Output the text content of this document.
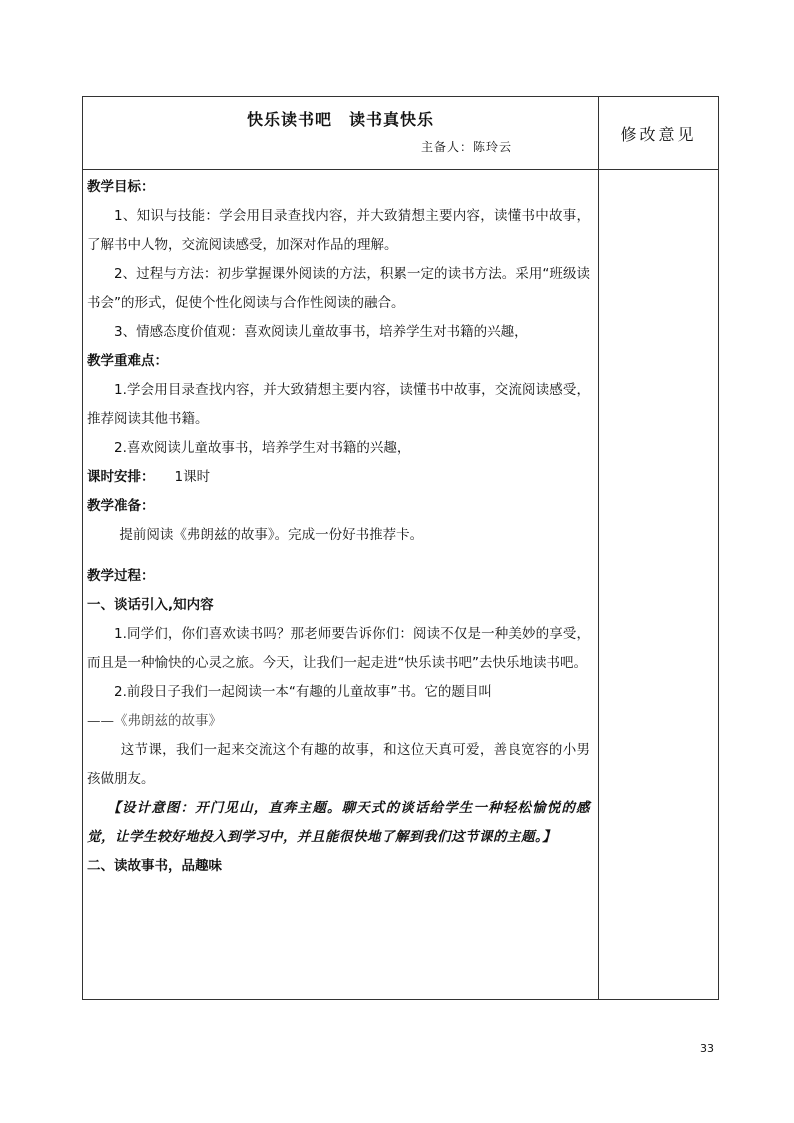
快乐读书吧　读书真快乐
主备人：陈玲云
修改意见

教学目标：

1、知识与技能：学会用目录查找内容，并大致猜想主要内容，读懂书中故事，了解书中人物，交流阅读感受，加深对作品的理解。

2、过程与方法：初步掌握课外阅读的方法，积累一定的读书方法。采用“班级读书会”的形式，促使个性化阅读与合作性阅读的融合。

3、情感态度价值观：喜欢阅读儿童故事书，培养学生对书籍的兴趣，

教学重难点：

1.学会用目录查找内容，并大致猜想主要内容，读懂书中故事，交流阅读感受，推荐阅读其他书籍。

2.喜欢阅读儿童故事书，培养学生对书籍的兴趣，

课时安排： 1课时

教学准备：

提前阅读《弗朗兹的故事》。完成一份好书推荐卡。

教学过程：

一、谈话引入,知内容

1.同学们，你们喜欢读书吗？那老师要告诉你们：阅读不仅是一种美妙的享受，而且是一种愉快的心灵之旅。今天，让我们一起走进“快乐读书吧”去快乐地读书吧。

2.前段日子我们一起阅读一本“有趣的儿童故事”书。它的题目叫

——《弗朗兹的故事》

这节课，我们一起来交流这个有趣的故事，和这位天真可爱，善良宽容的小男孩做朋友。

【设计意图：开门见山，直奔主题。聊天式的谈话给学生一种轻松愉悦的感觉，让学生较好地投入到学习中，并且能很快地了解到我们这节课的主题。】

二、读故事书，品趣味

33
